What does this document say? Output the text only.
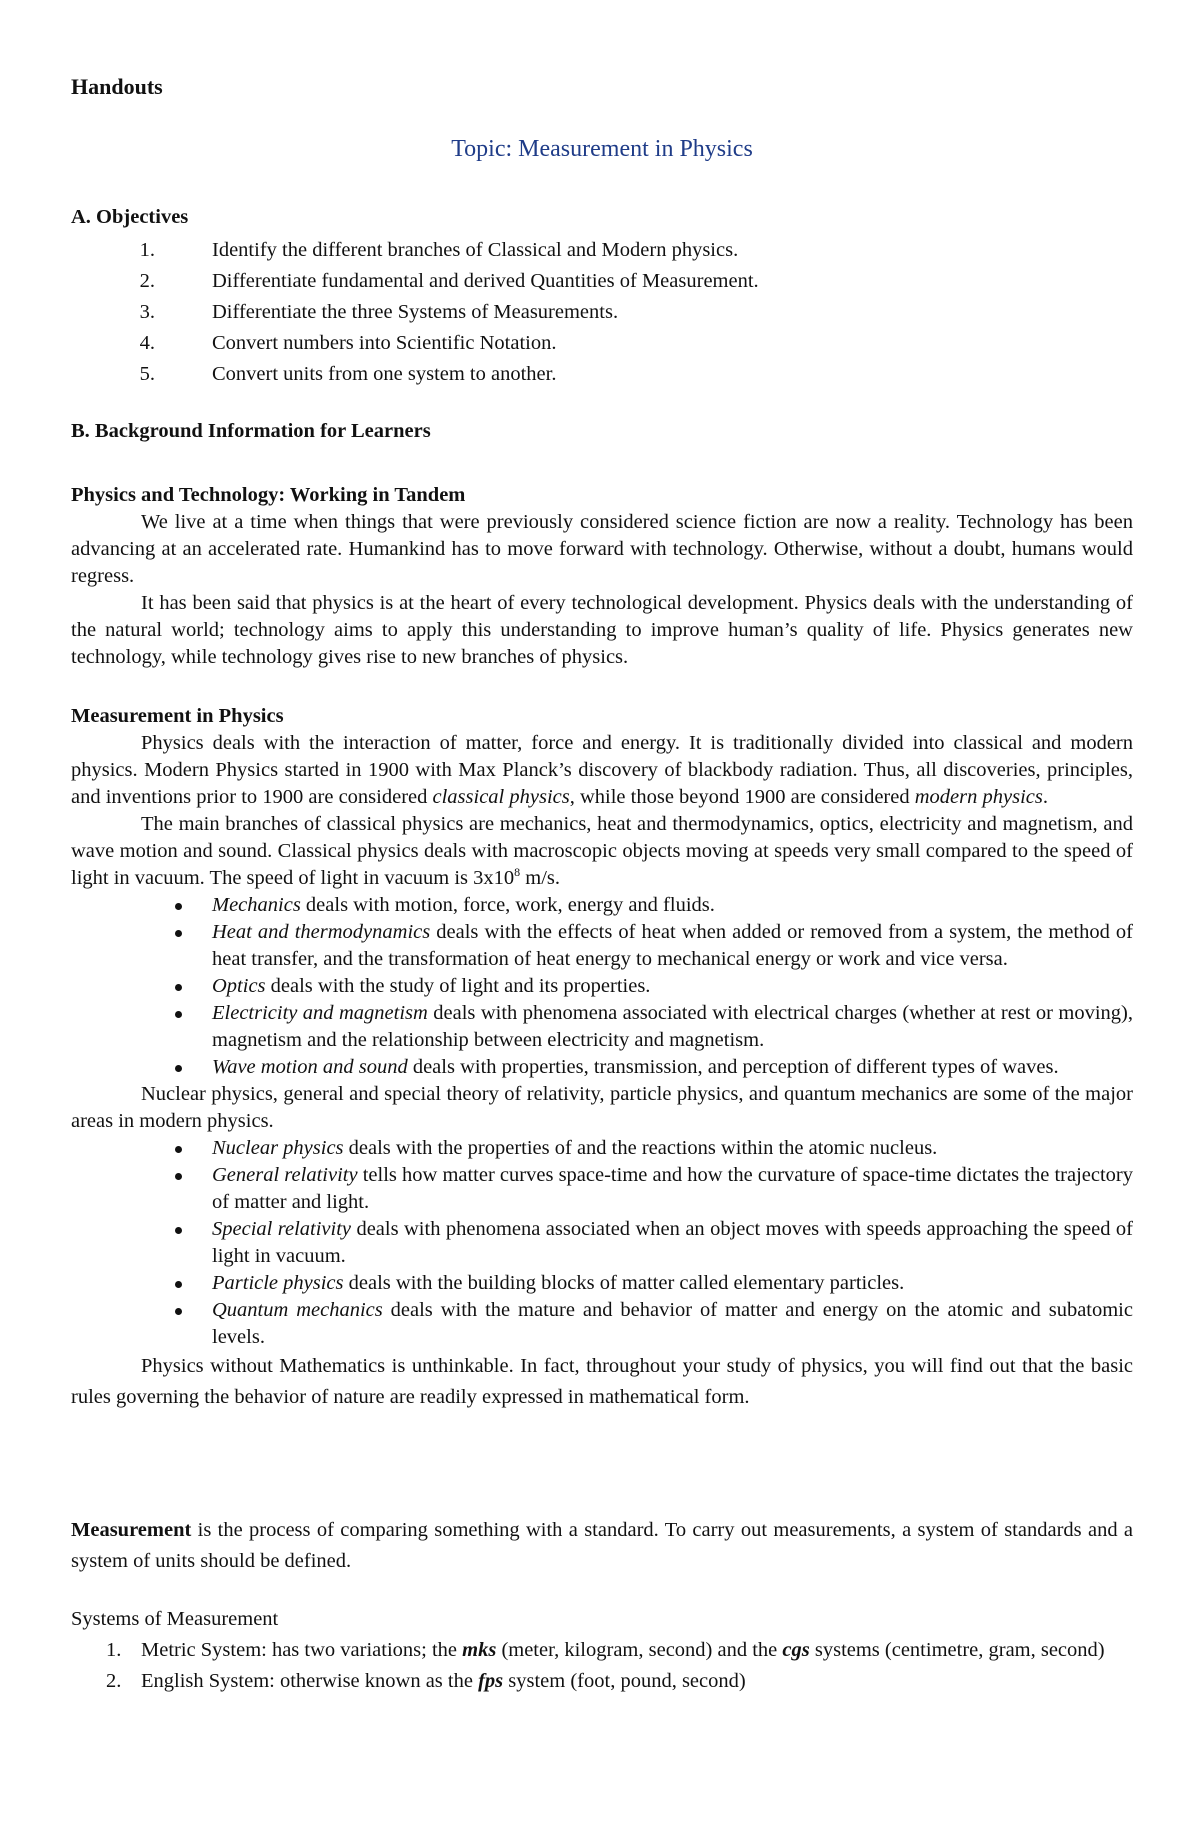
Handouts
Topic: Measurement in Physics
A. Objectives
1.	Identify the different branches of Classical and Modern physics.
2.	Differentiate fundamental and derived Quantities of Measurement.
3.	Differentiate the three Systems of Measurements.
4.	Convert numbers into Scientific Notation.
5.	Convert units from one system to another.
B. Background Information for Learners
Physics and Technology: Working in Tandem

We live at a time when things that were previously considered science fiction are now a reality. Technology has been advancing at an accelerated rate. Humankind has to move forward with technology. Otherwise, without a doubt, humans would regress.

It has been said that physics is at the heart of every technological development. Physics deals with the understanding of the natural world; technology aims to apply this understanding to improve human’s quality of life. Physics generates new technology, while technology gives rise to new branches of physics.

Measurement in Physics

Physics deals with the interaction of matter, force and energy. It is traditionally divided into classical and modern physics. Modern Physics started in 1900 with Max Planck’s discovery of blackbody radiation. Thus, all discoveries, principles, and inventions prior to 1900 are considered classical physics, while those beyond 1900 are considered modern physics.

The main branches of classical physics are mechanics, heat and thermodynamics, optics, electricity and magnetism, and wave motion and sound. Classical physics deals with macroscopic objects moving at speeds very small compared to the speed of light in vacuum. The speed of light in vacuum is $3x10^8$ m/s.

Mechanics deals with motion, force, work, energy and fluids.
Heat and thermodynamics deals with the effects of heat when added or removed from a system, the method of heat transfer, and the transformation of heat energy to mechanical energy or work and vice versa.
Optics deals with the study of light and its properties.
Electricity and magnetism deals with phenomena associated with electrical charges (whether at rest or moving), magnetism and the relationship between electricity and magnetism.
Wave motion and sound deals with properties, transmission, and perception of different types of waves.

Nuclear physics, general and special theory of relativity, particle physics, and quantum mechanics are some of the major areas in modern physics.

Nuclear physics deals with the properties of and the reactions within the atomic nucleus.
General relativity tells how matter curves space-time and how the curvature of space-time dictates the trajectory of matter and light.
Special relativity deals with phenomena associated when an object moves with speeds approaching the speed of light in vacuum.
Particle physics deals with the building blocks of matter called elementary particles.
Quantum mechanics deals with the mature and behavior of matter and energy on the atomic and subatomic levels.

Physics without Mathematics is unthinkable. In fact, throughout your study of physics, you will find out that the basic rules governing the behavior of nature are readily expressed in mathematical form.

Measurement is the process of comparing something with a standard. To carry out measurements, a system of standards and a system of units should be defined.

Systems of Measurement
1. Metric System: has two variations; the mks (meter, kilogram, second) and the cgs systems (centimetre, gram, second)
2. English System: otherwise known as the fps system (foot, pound, second)
